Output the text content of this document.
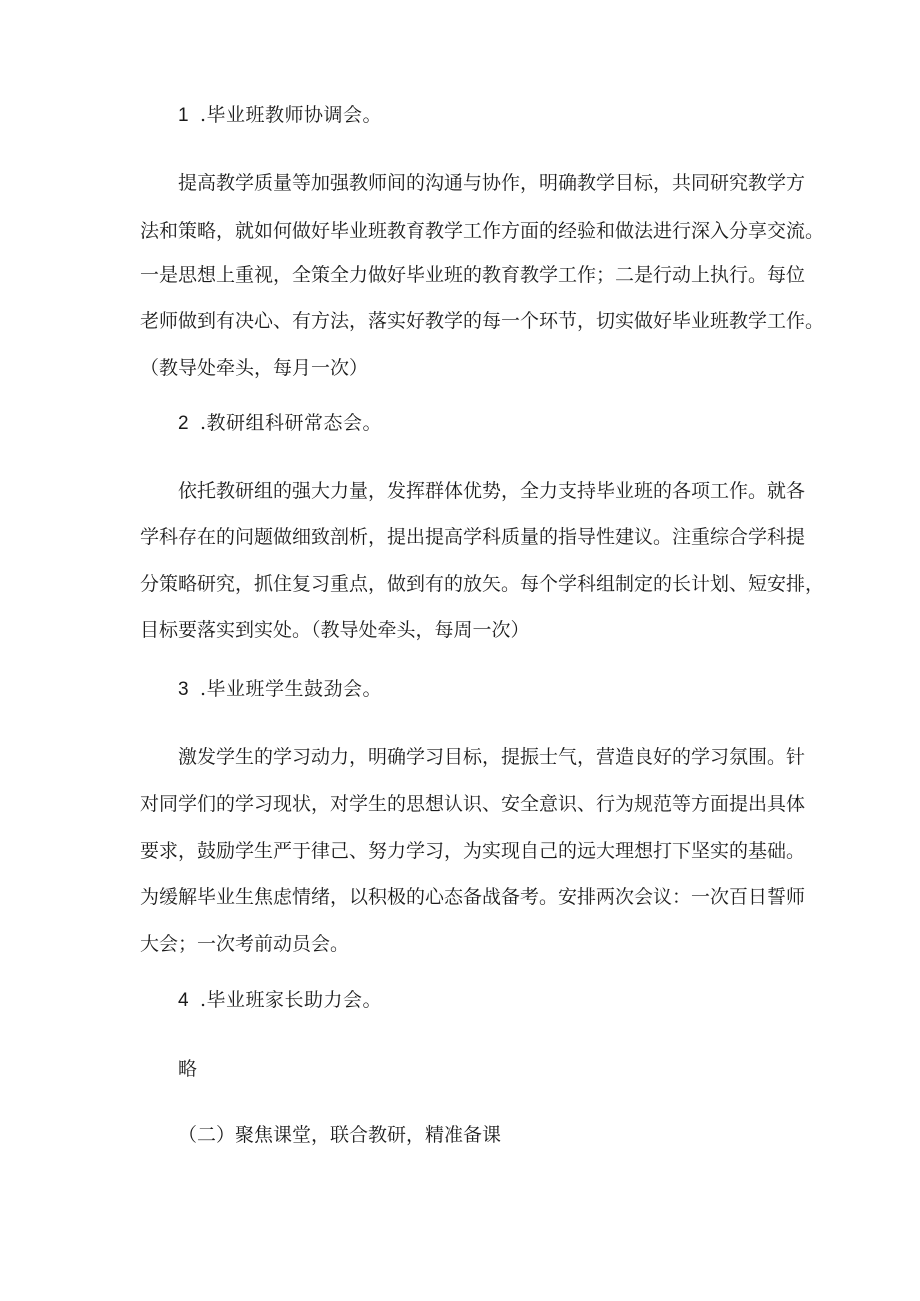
1 .毕业班教师协调会。
提高教学质量等加强教师间的沟通与协作，明确教学目标，共同研究教学方
法和策略，就如何做好毕业班教育教学工作方面的经验和做法进行深入分享交流。
一是思想上重视，全策全力做好毕业班的教育教学工作；二是行动上执行。每位
老师做到有决心、有方法，落实好教学的每一个环节，切实做好毕业班教学工作。
（教导处牵头，每月一次）
2 .教研组科研常态会。
依托教研组的强大力量，发挥群体优势，全力支持毕业班的各项工作。就各
学科存在的问题做细致剖析，提出提高学科质量的指导性建议。注重综合学科提
分策略研究，抓住复习重点，做到有的放矢。每个学科组制定的长计划、短安排，
目标要落实到实处。（教导处牵头，每周一次）
3 .毕业班学生鼓劲会。
激发学生的学习动力，明确学习目标，提振士气，营造良好的学习氛围。针
对同学们的学习现状，对学生的思想认识、安全意识、行为规范等方面提出具体
要求，鼓励学生严于律己、努力学习，为实现自己的远大理想打下坚实的基础。
为缓解毕业生焦虑情绪，以积极的心态备战备考。安排两次会议：一次百日誓师
大会；一次考前动员会。
4 .毕业班家长助力会。
略
（二）聚焦课堂，联合教研，精准备课
